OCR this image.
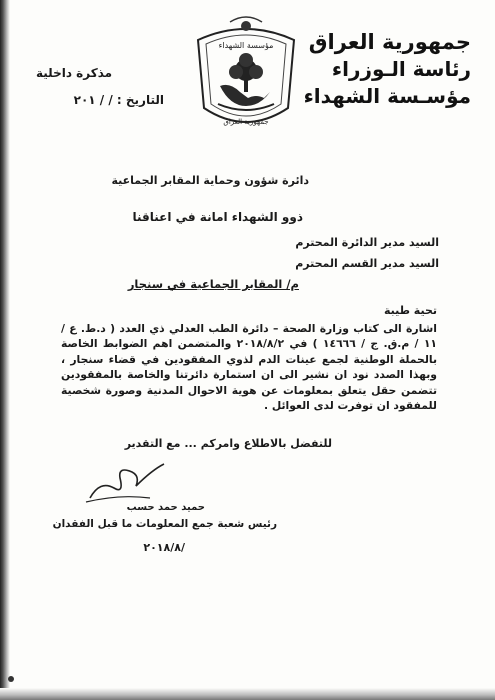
جمهورية العراق
رئاسة الـوزراء
مؤسـسة الشهداء
مؤسسة الشهداء
جمهورية العراق
مذكرة داخلية
التاريخ : / / ٢٠١
دائرة شؤون وحماية المقابر الجماعية
ذوو الشهداء امانة في اعناقنا
السيد مدير الدائرة المحترم
السيد مدير القسم المحترم
م/ المقابر الجماعية في سنجار
تحية طيبة
اشارة الى كتاب وزارة الصحة – دائرة الطب العدلي ذي العدد ( د.ط. ع / ١١ / م.ق. ج / ١٤٦٦٦ ) في ٢٠١٨/٨/٢ والمتضمن اهم الضوابط الخاصة بالحملة الوطنية لجمع عينات الدم لذوي المفقودين في قضاء سنجار ، وبهذا الصدد نود ان نشير الى ان استمارة دائرتنا والخاصة بالمفقودين تتضمن حقل يتعلق بمعلومات عن هوية الاحوال المدنية وصورة شخصية للمفقود ان توفرت لدى العوائل .
للتفضل بالاطلاع وامركم ... مع التقدير
حميد حمد حسب
رئيس شعبة جمع المعلومات ما قبل الفقدان
٢٠١٨/٨/
